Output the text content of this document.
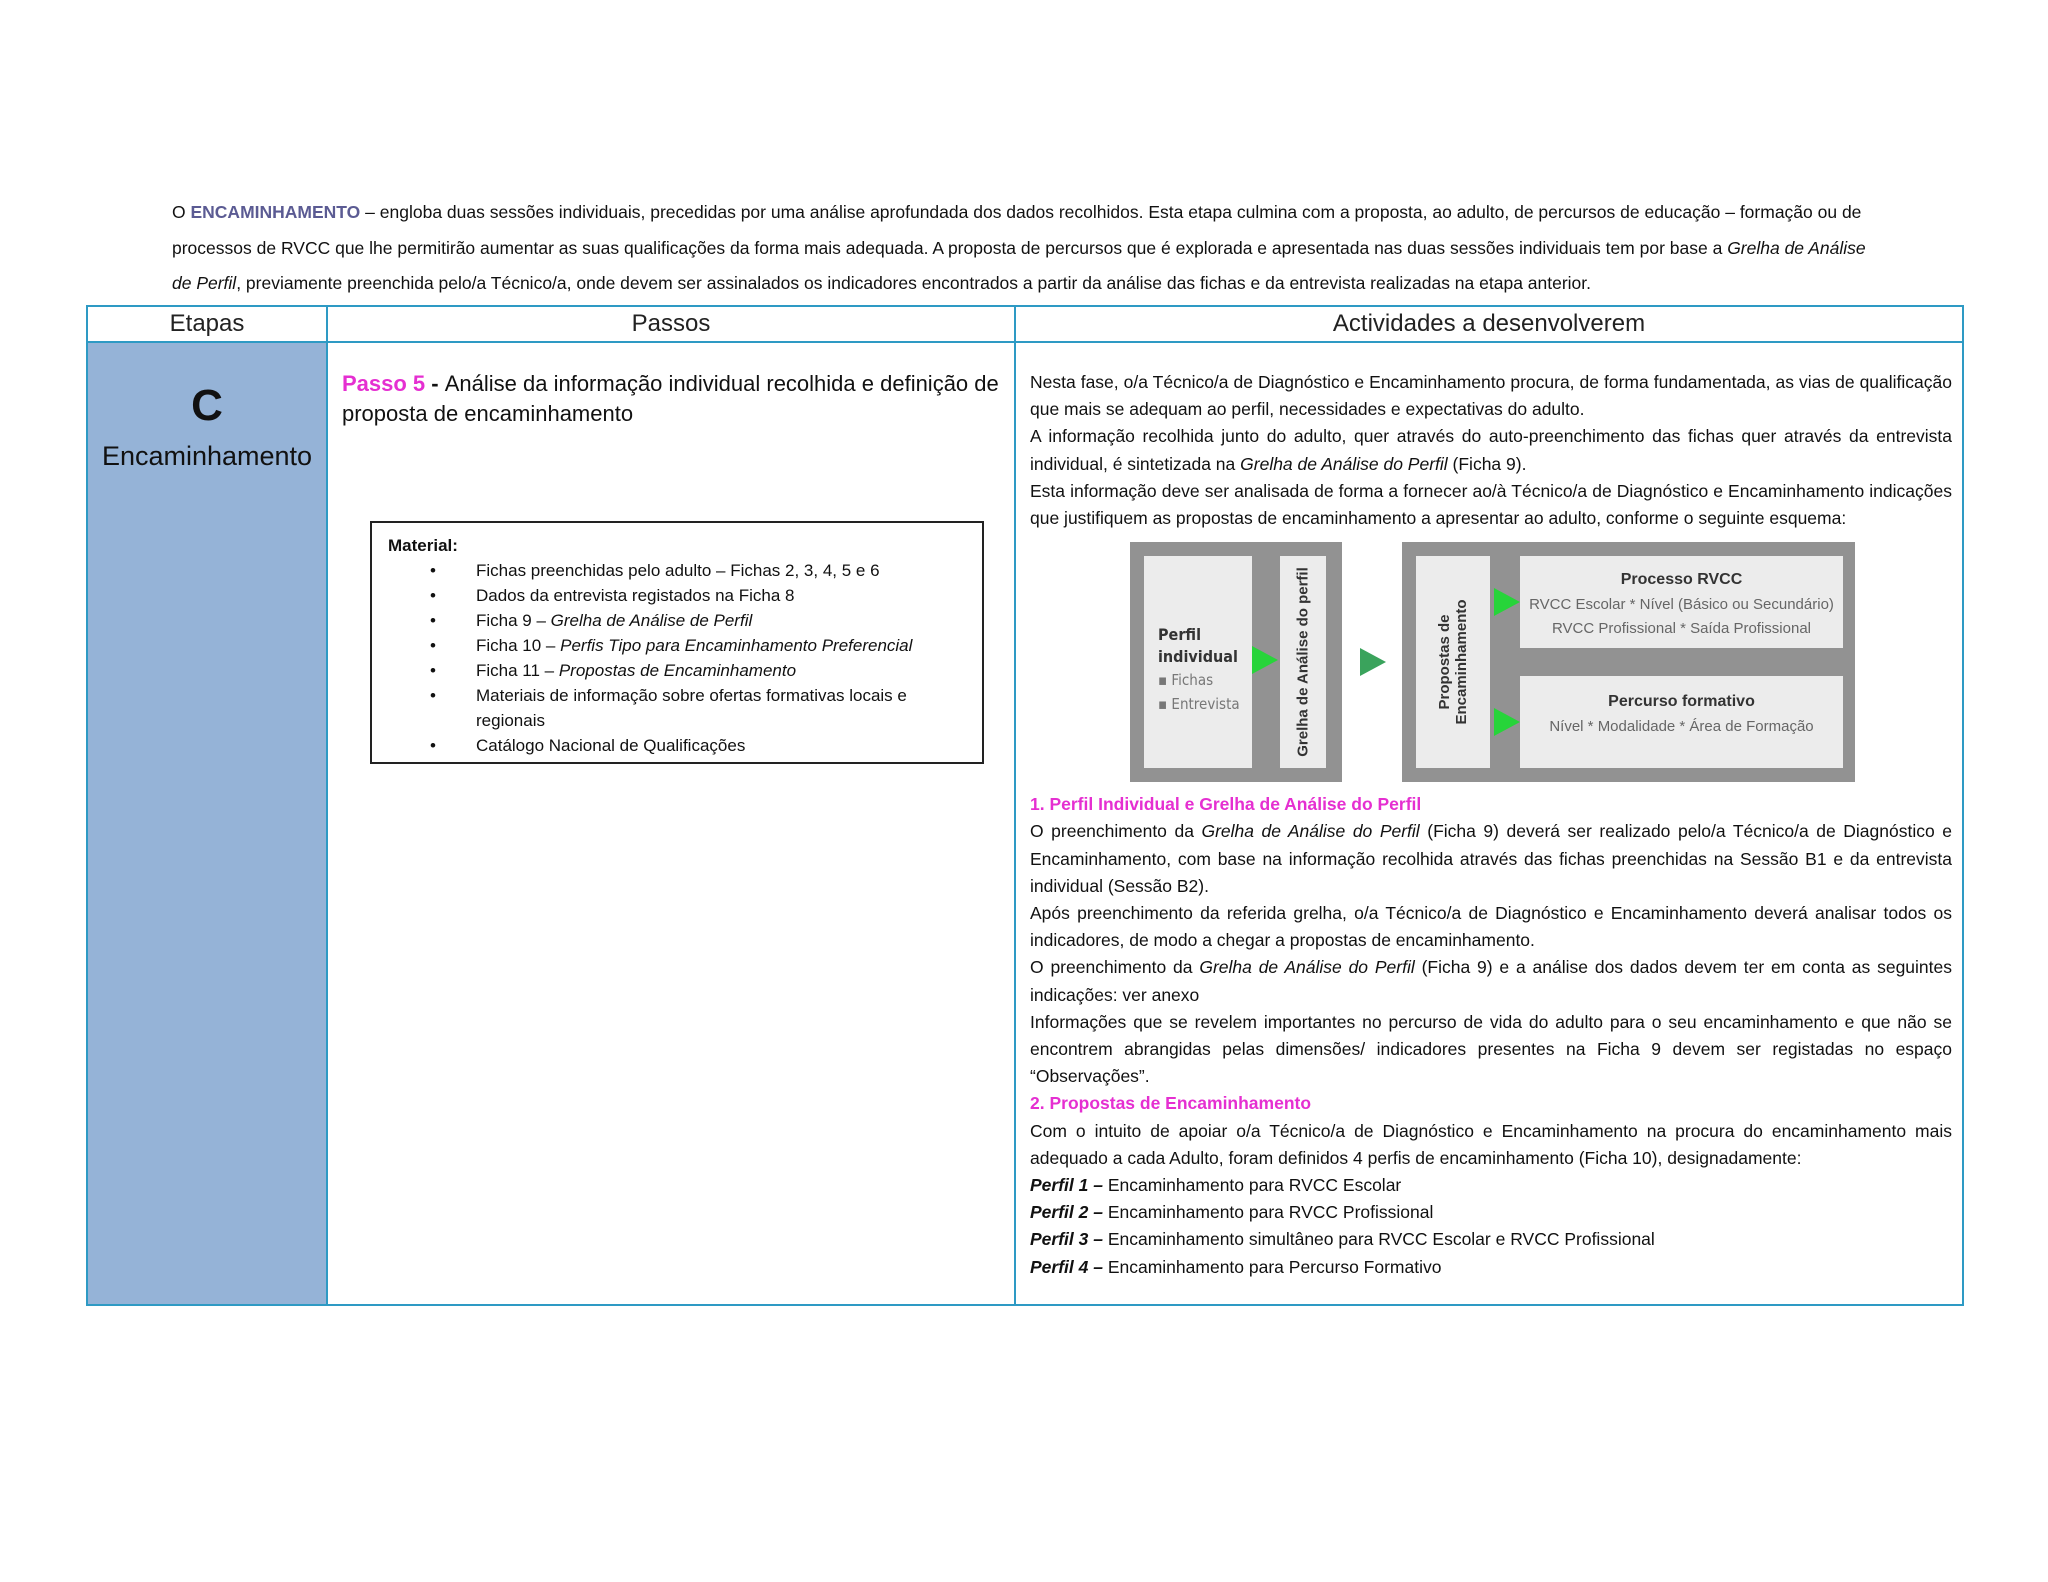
O ENCAMINHAMENTO – engloba duas sessões individuais, precedidas por uma análise aprofundada dos dados recolhidos. Esta etapa culmina com a proposta, ao adulto, de percursos de educação – formação ou de processos de RVCC que lhe permitirão aumentar as suas qualificações da forma mais adequada. A proposta de percursos que é explorada e apresentada nas duas sessões individuais tem por base a Grelha de Análise de Perfil, previamente preenchida pelo/a Técnico/a, onde devem ser assinalados os indicadores encontrados a partir da análise das fichas e da entrevista realizadas na etapa anterior.
Etapas	Passos	Actividades a desenvolverem
C
Encaminhamento
Passo 5 - Análise da informação individual recolhida e definição de proposta de encaminhamento
Material:
• Fichas preenchidas pelo adulto – Fichas 2, 3, 4, 5 e 6
• Dados da entrevista registados na Ficha 8
• Ficha 9 – Grelha de Análise de Perfil
• Ficha 10 – Perfis Tipo para Encaminhamento Preferencial
• Ficha 11 – Propostas de Encaminhamento
• Materiais de informação sobre ofertas formativas locais e regionais
• Catálogo Nacional de Qualificações

Nesta fase, o/a Técnico/a de Diagnóstico e Encaminhamento procura, de forma fundamentada, as vias de qualificação que mais se adequam ao perfil, necessidades e expectativas do adulto.

A informação recolhida junto do adulto, quer através do auto-preenchimento das fichas quer através da entrevista individual, é sintetizada na Grelha de Análise do Perfil (Ficha 9).

Esta informação deve ser analisada de forma a fornecer ao/à Técnico/a de Diagnóstico e Encaminhamento indicações que justifiquem as propostas de encaminhamento a apresentar ao adulto, conforme o seguinte esquema:

Perfil
individual
▪ Fichas
▪ Entrevista	Grelha de Análise do perfil	Propostas de Encaminhamento
Processo RVCC
RVCC Escolar * Nível (Básico ou Secundário)
RVCC Profissional * Saída Profissional
Percurso formativo
Nível * Modalidade * Área de Formação

1. Perfil Individual e Grelha de Análise do Perfil

O preenchimento da Grelha de Análise do Perfil (Ficha 9) deverá ser realizado pelo/a Técnico/a de Diagnóstico e Encaminhamento, com base na informação recolhida através das fichas preenchidas na Sessão B1 e da entrevista individual (Sessão B2).

Após preenchimento da referida grelha, o/a Técnico/a de Diagnóstico e Encaminhamento deverá analisar todos os indicadores, de modo a chegar a propostas de encaminhamento.

O preenchimento da Grelha de Análise do Perfil (Ficha 9) e a análise dos dados devem ter em conta as seguintes indicações: ver anexo

Informações que se revelem importantes no percurso de vida do adulto para o seu encaminhamento e que não se encontrem abrangidas pelas dimensões/ indicadores presentes na Ficha 9 devem ser registadas no espaço “Observações”.

2. Propostas de Encaminhamento

Com o intuito de apoiar o/a Técnico/a de Diagnóstico e Encaminhamento na procura do encaminhamento mais adequado a cada Adulto, foram definidos 4 perfis de encaminhamento (Ficha 10), designadamente:

Perfil 1 – Encaminhamento para RVCC Escolar

Perfil 2 – Encaminhamento para RVCC Profissional

Perfil 3 – Encaminhamento simultâneo para RVCC Escolar e RVCC Profissional

Perfil 4 – Encaminhamento para Percurso Formativo
